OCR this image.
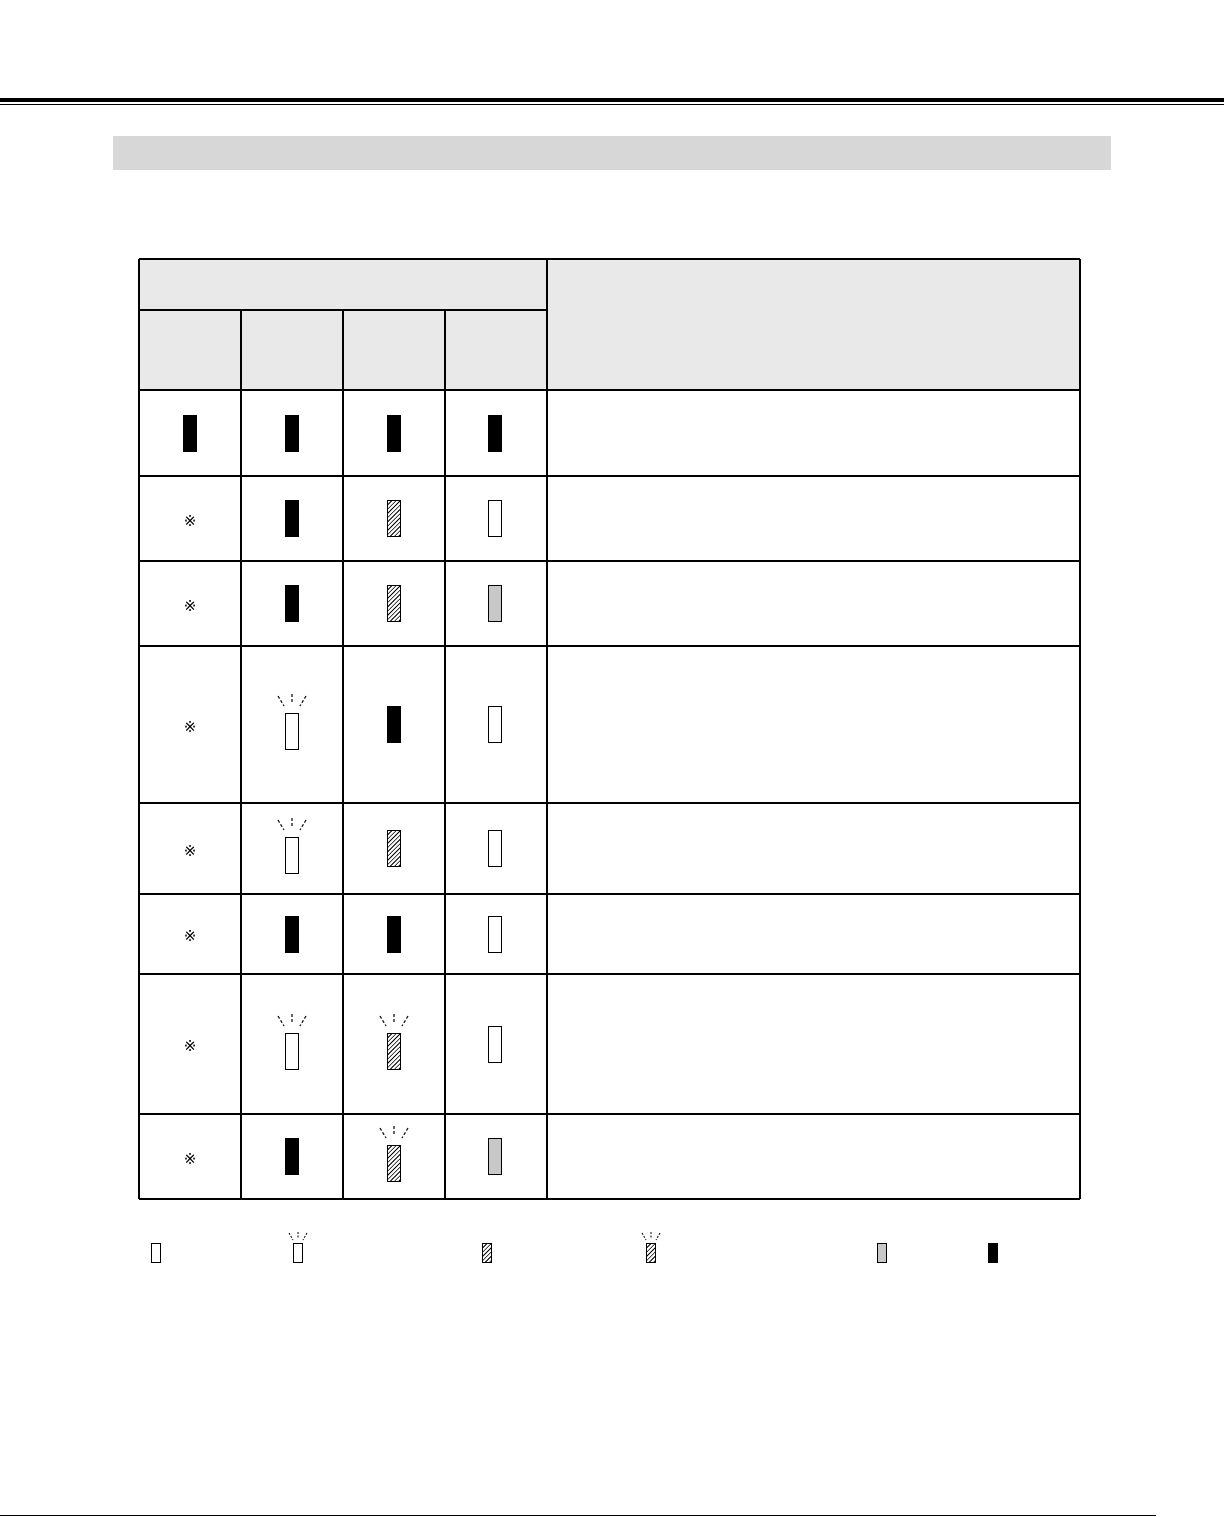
※
※
※
※
※
※
※
